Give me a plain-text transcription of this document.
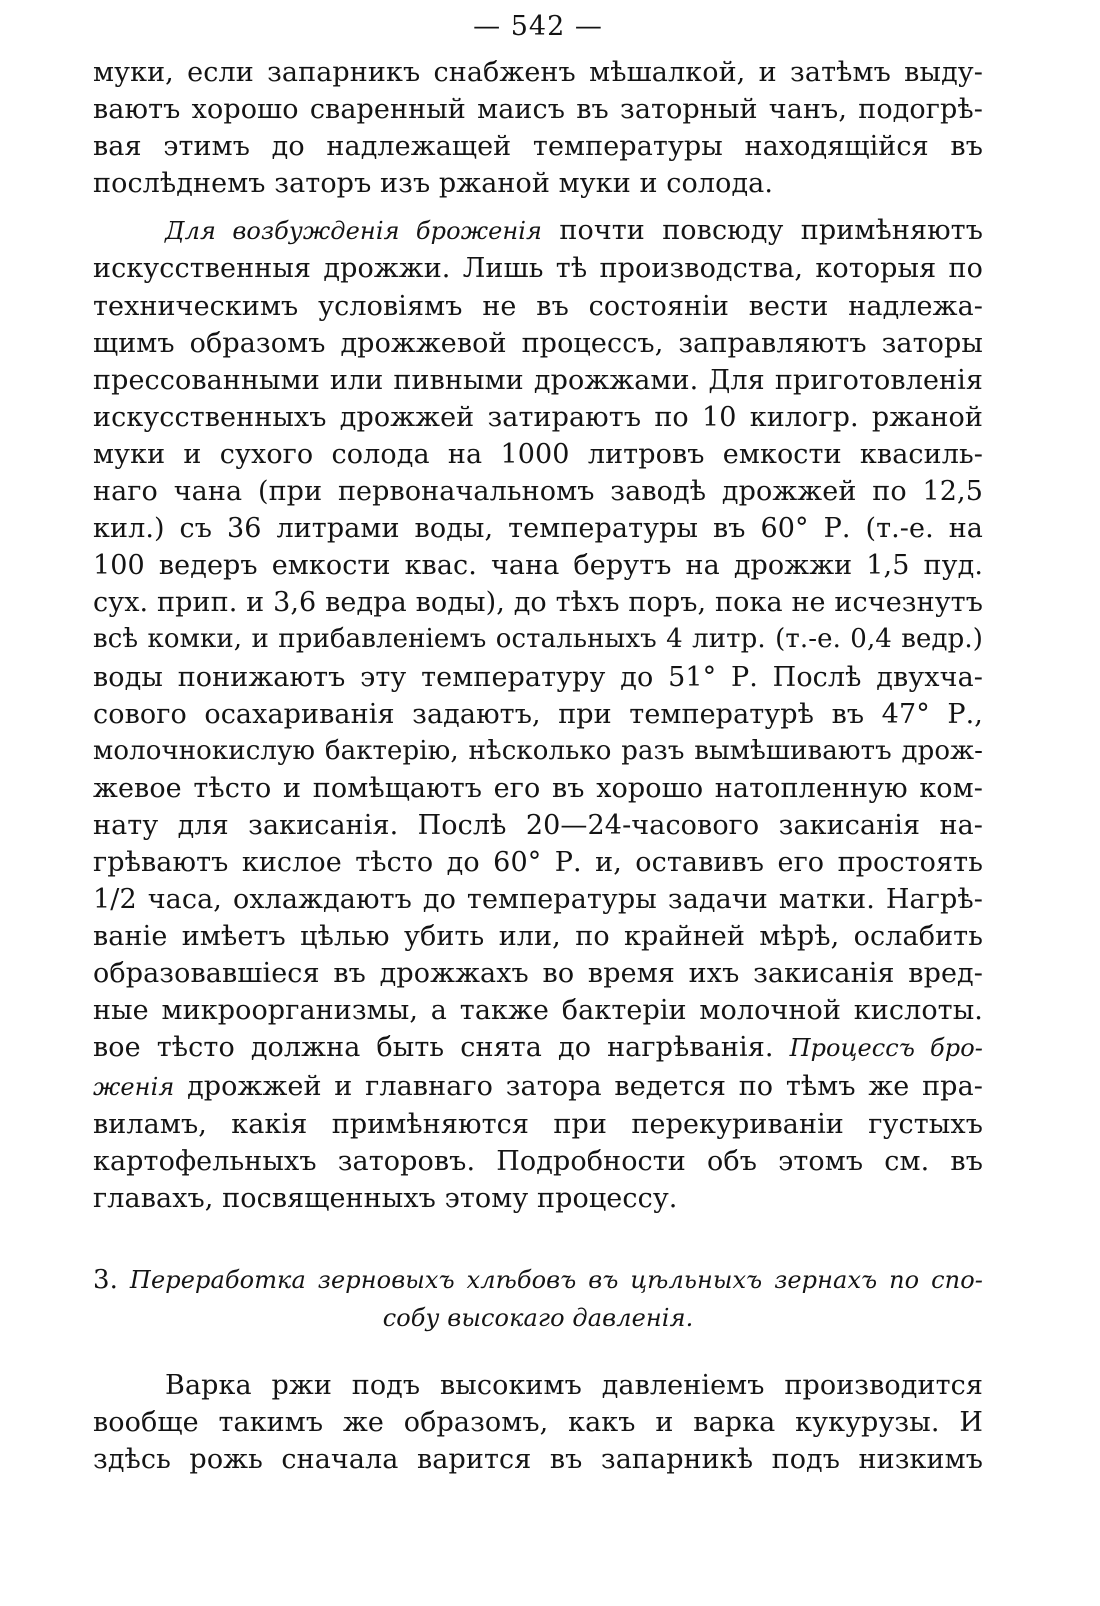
— 542 —
муки, если запарникъ снабженъ мѣшалкой, и затѣмъ выду-
ваютъ хорошо сваренный маисъ въ заторный чанъ, подогрѣ-
вая этимъ до надлежащей температуры находящійся въ
послѣднемъ заторъ изъ ржаной муки и солода.
Для возбужденія броженія почти повсюду примѣняютъ
искусственныя дрожжи. Лишь тѣ производства, которыя по
техническимъ условіямъ не въ состояніи вести надлежа-
щимъ образомъ дрожжевой процессъ, заправляютъ заторы
прессованными или пивными дрожжами. Для приготовленія
искусственныхъ дрожжей затираютъ по 10 килогр. ржаной
муки и сухого солода на 1000 литровъ емкости квасиль-
наго чана (при первоначальномъ заводѣ дрожжей по 12,5
кил.) съ 36 литрами воды, температуры въ 60° Р. (т.-е. на
100 ведеръ емкости квас. чана берутъ на дрожжи 1,5 пуд.
сух. прип. и 3,6 ведра воды), до тѣхъ поръ, пока не исчезнутъ
всѣ комки, и прибавленіемъ остальныхъ 4 литр. (т.-е. 0,4 ведр.)
воды понижаютъ эту температуру до 51° Р. Послѣ двухча-
сового осахариванія задаютъ, при температурѣ въ 47° Р.,
молочнокислую бактерію, нѣсколько разъ вымѣшиваютъ дрож-
жевое тѣсто и помѣщаютъ его въ хорошо натопленную ком-
нату для закисанія. Послѣ 20—24-часового закисанія на-
грѣваютъ кислое тѣсто до 60° Р. и, оставивъ его простоять
1/2 часа, охлаждаютъ до температуры задачи матки. Нагрѣ-
ваніе имѣетъ цѣлью убить или, по крайней мѣрѣ, ослабить
образовавшіеся въ дрожжахъ во время ихъ закисанія вред-
ные микроорганизмы, а также бактеріи молочной кислоты.
вое тѣсто должна быть снята до нагрѣванія. Процессъ бро-
женія дрожжей и главнаго затора ведется по тѣмъ же пра-
виламъ, какія примѣняются при перекуриваніи густыхъ
картофельныхъ заторовъ. Подробности объ этомъ см. въ
главахъ, посвященныхъ этому процессу.
3. Переработка зерновыхъ хлѣбовъ въ цѣльныхъ зернахъ по спо-
собу высокаго давленія.
Варка ржи подъ высокимъ давленіемъ производится
вообще такимъ же образомъ, какъ и варка кукурузы. И
здѣсь рожь сначала варится въ запарникѣ подъ низкимъ
